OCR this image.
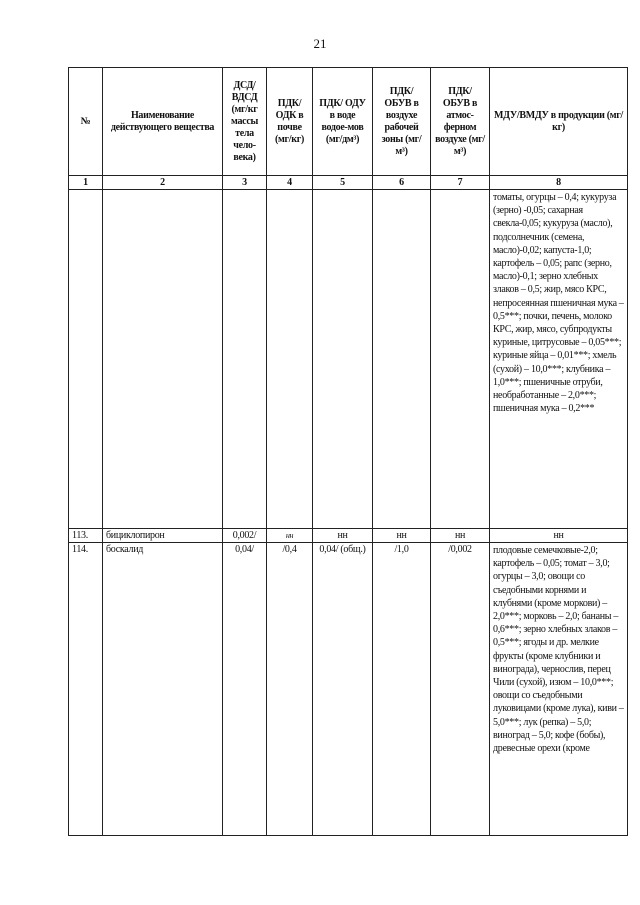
21
№	Наименование действующего вещества	ДСД/ ВДСД (мг/кг массы тела чело-века)	ПДК/ ОДК в почве (мг/кг)	ПДК/ ОДУ в воде водое-мов (мг/дм³)	ПДК/ ОБУВ в воздухе рабочей зоны (мг/м³)	ПДК/ ОБУВ в атмос-ферном воздухе (мг/м³)	МДУ/ВМДУ в продукции (мг/кг)
1	2	3	4	5	6	7	8
							томаты, огурцы – 0,4; кукуруза (зерно) -0,05; сахарная свекла-0,05; кукуруза (масло), подсолнечник (семена, масло)-0,02; капуста-1,0; картофель – 0,05; рапс (зерно, масло)-0,1; зерно хлебных злаков – 0,5; жир, мясо КРС, непросеянная пшеничная мука – 0,5***; почки, печень, молоко КРС, жир, мясо, субпродукты куриные, цитрусовые – 0,05***; куриные яйца – 0,01***; хмель (сухой) – 10,0***; клубника – 1,0***; пшеничные отруби, необработанные – 2,0***; пшеничная мука – 0,2***
113.	бициклопирон	0,002/	нн	нн	нн	нн	нн
114.	боскалид	0,04/	/0,4	0,04/ (общ.)	/1,0	/0,002	плодовые семечковые-2,0; картофель – 0,05; томат – 3,0; огурцы – 3,0; овощи со съедобными корнями и клубнями (кроме моркови) – 2,0***; морковь – 2,0; бананы – 0,6***; зерно хлебных злаков – 0,5***; ягоды и др. мелкие фрукты (кроме клубники и винограда), чернослив, перец Чили (сухой), изюм – 10,0***; овощи со съедобными луковицами (кроме лука), киви – 5,0***; лук (репка) – 5,0; виноград – 5,0; кофе (бобы), древесные орехи (кроме
